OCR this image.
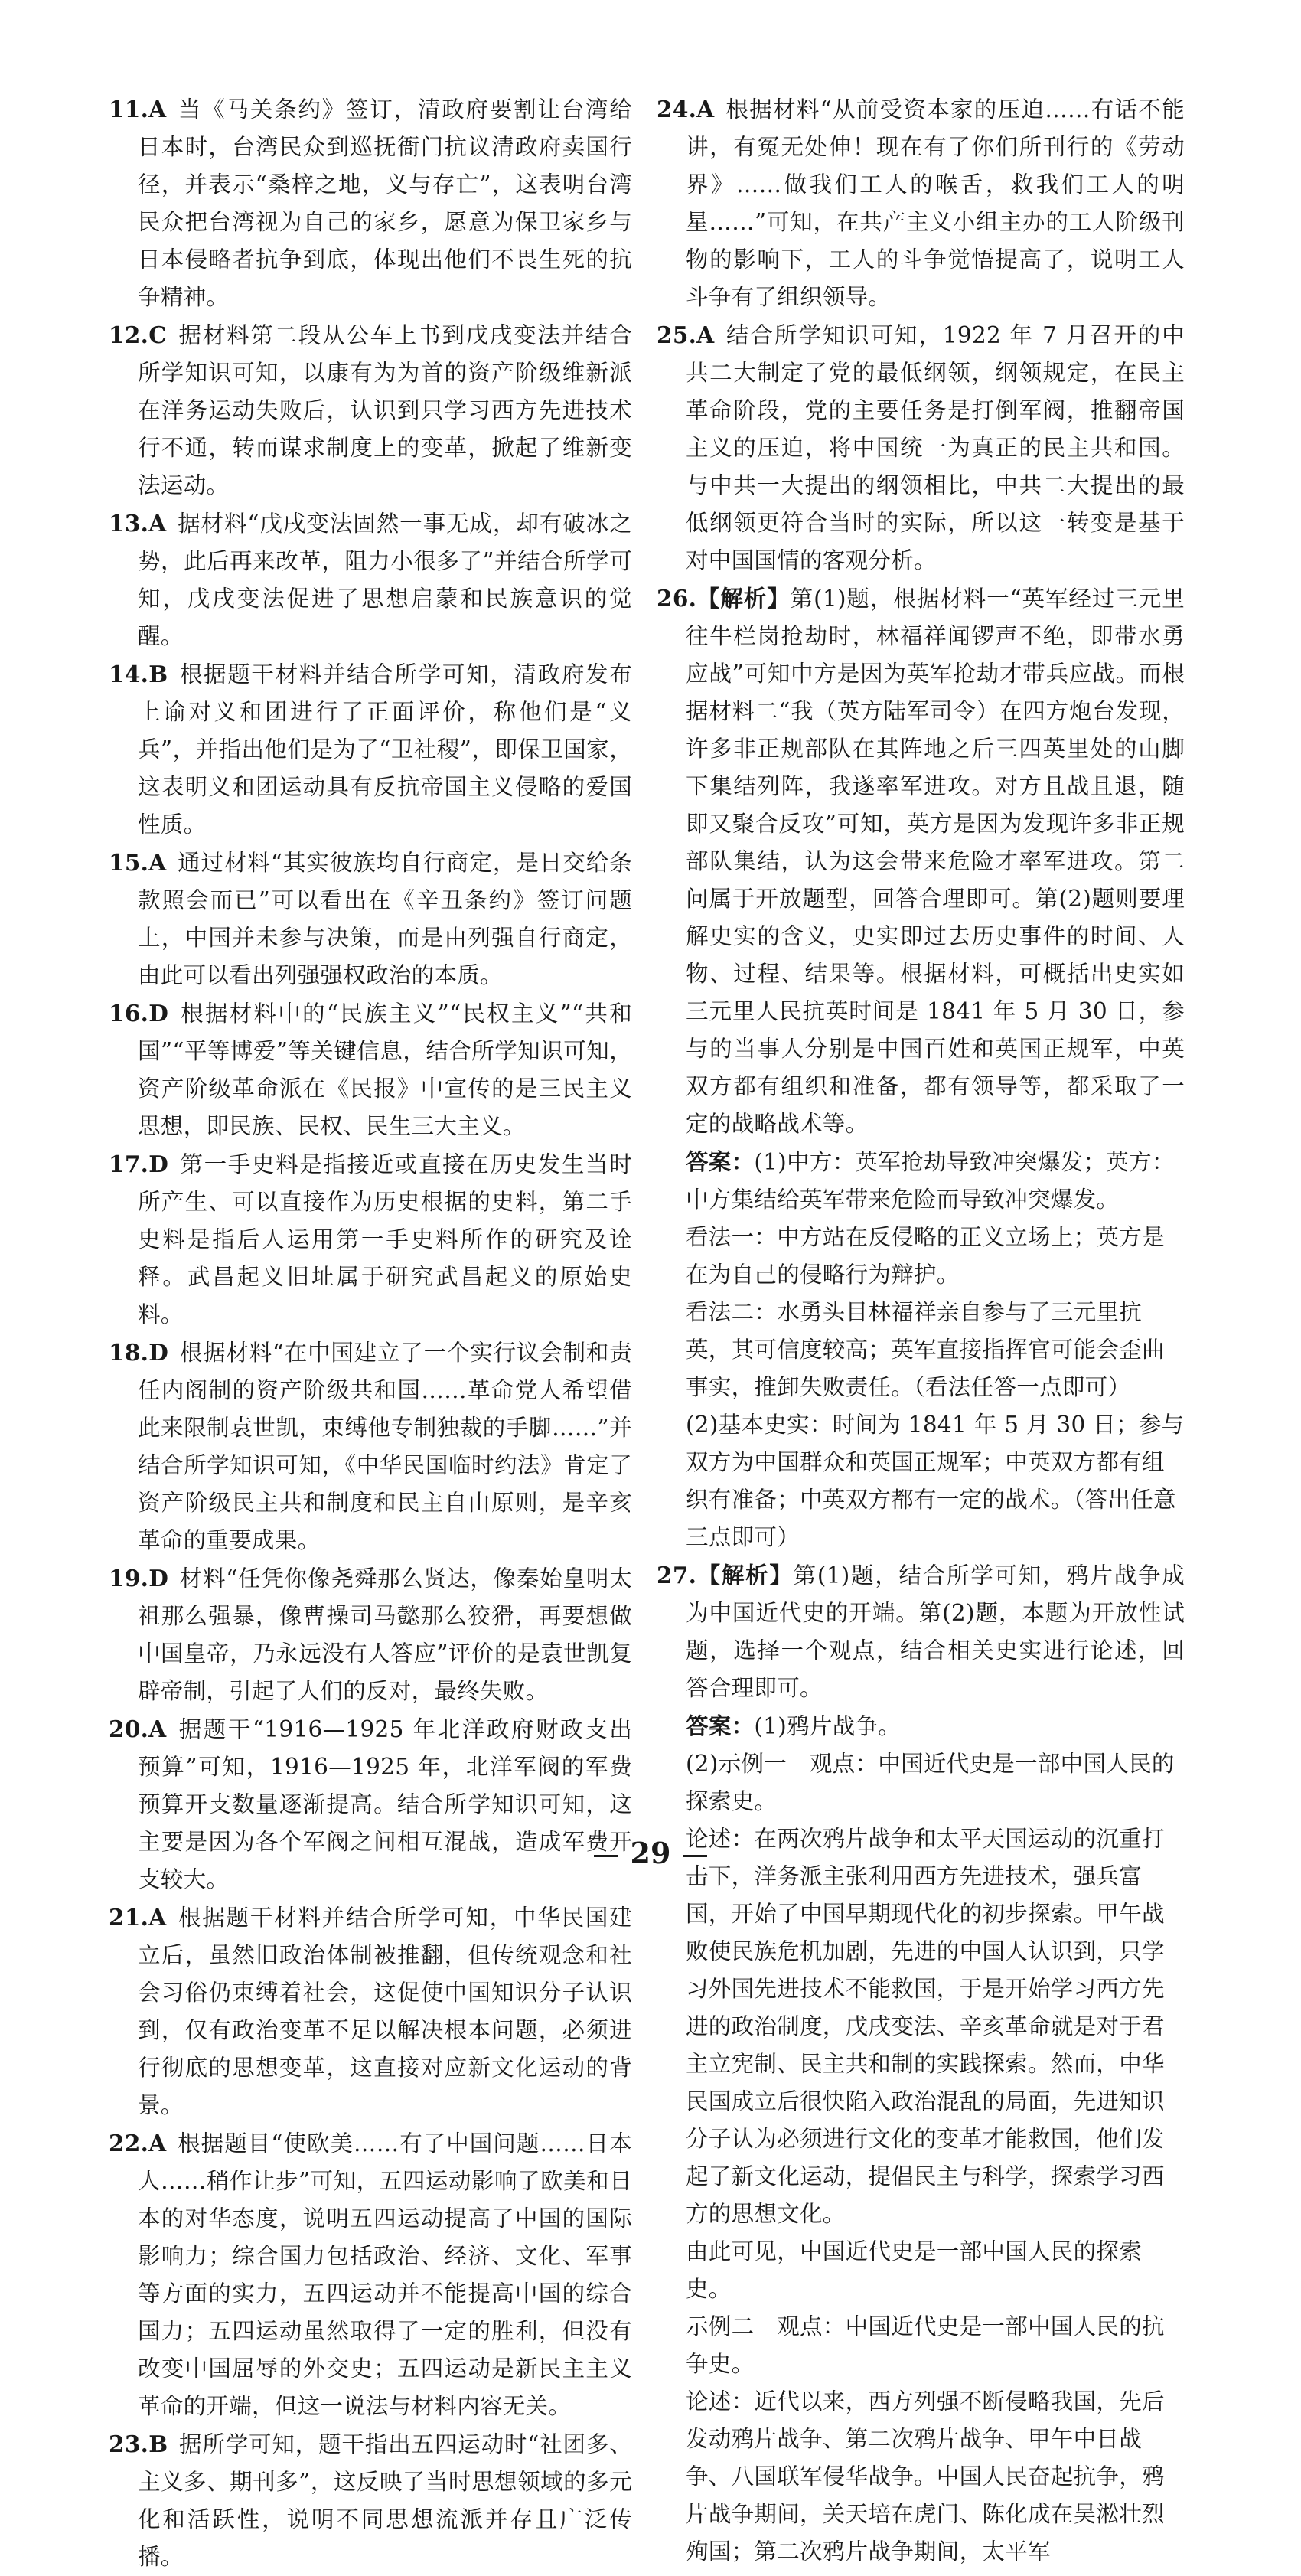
11.A 当《马关条约》签订，清政府要割让台湾给日本时，台湾民众到巡抚衙门抗议清政府卖国行径，并表示“桑梓之地，义与存亡”，这表明台湾民众把台湾视为自己的家乡，愿意为保卫家乡与日本侵略者抗争到底，体现出他们不畏生死的抗争精神。
12.C 据材料第二段从公车上书到戊戌变法并结合所学知识可知，以康有为为首的资产阶级维新派在洋务运动失败后，认识到只学习西方先进技术行不通，转而谋求制度上的变革，掀起了维新变法运动。
13.A 据材料“戊戌变法固然一事无成，却有破冰之势，此后再来改革，阻力小很多了”并结合所学可知，戊戌变法促进了思想启蒙和民族意识的觉醒。
14.B 根据题干材料并结合所学可知，清政府发布上谕对义和团进行了正面评价，称他们是“义兵”，并指出他们是为了“卫社稷”，即保卫国家，这表明义和团运动具有反抗帝国主义侵略的爱国性质。
15.A 通过材料“其实彼族均自行商定，是日交给条款照会而已”可以看出在《辛丑条约》签订问题上，中国并未参与决策，而是由列强自行商定，由此可以看出列强强权政治的本质。
16.D 根据材料中的“民族主义”“民权主义”“共和国”“平等博爱”等关键信息，结合所学知识可知，资产阶级革命派在《民报》中宣传的是三民主义思想，即民族、民权、民生三大主义。
17.D 第一手史料是指接近或直接在历史发生当时所产生、可以直接作为历史根据的史料，第二手史料是指后人运用第一手史料所作的研究及诠释。武昌起义旧址属于研究武昌起义的原始史料。
18.D 根据材料“在中国建立了一个实行议会制和责任内阁制的资产阶级共和国……革命党人希望借此来限制袁世凯，束缚他专制独裁的手脚……”并结合所学知识可知，《中华民国临时约法》肯定了资产阶级民主共和制度和民主自由原则，是辛亥革命的重要成果。
19.D 材料“任凭你像尧舜那么贤达，像秦始皇明太祖那么强暴，像曹操司马懿那么狡猾，再要想做中国皇帝，乃永远没有人答应”评价的是袁世凯复辟帝制，引起了人们的反对，最终失败。
20.A 据题干“1916—1925 年北洋政府财政支出预算”可知，1916—1925 年，北洋军阀的军费预算开支数量逐渐提高。结合所学知识可知，这主要是因为各个军阀之间相互混战，造成军费开支较大。
21.A 根据题干材料并结合所学可知，中华民国建立后，虽然旧政治体制被推翻，但传统观念和社会习俗仍束缚着社会，这促使中国知识分子认识到，仅有政治变革不足以解决根本问题，必须进行彻底的思想变革，这直接对应新文化运动的背景。
22.A 根据题目“使欧美……有了中国问题……日本人……稍作让步”可知，五四运动影响了欧美和日本的对华态度，说明五四运动提高了中国的国际影响力；综合国力包括政治、经济、文化、军事等方面的实力，五四运动并不能提高中国的综合国力；五四运动虽然取得了一定的胜利，但没有改变中国屈辱的外交史；五四运动是新民主主义革命的开端，但这一说法与材料内容无关。
23.B 据所学可知，题干指出五四运动时“社团多、主义多、期刊多”，这反映了当时思想领域的多元化和活跃性，说明不同思想流派并存且广泛传播。
24.A 根据材料“从前受资本家的压迫……有话不能讲，有冤无处伸！现在有了你们所刊行的《劳动界》……做我们工人的喉舌，救我们工人的明星……”可知，在共产主义小组主办的工人阶级刊物的影响下，工人的斗争觉悟提高了，说明工人斗争有了组织领导。
25.A 结合所学知识可知，1922 年 7 月召开的中共二大制定了党的最低纲领，纲领规定，在民主革命阶段，党的主要任务是打倒军阀，推翻帝国主义的压迫，将中国统一为真正的民主共和国。与中共一大提出的纲领相比，中共二大提出的最低纲领更符合当时的实际，所以这一转变是基于对中国国情的客观分析。
26.【解析】第(1)题，根据材料一“英军经过三元里往牛栏岗抢劫时，林福祥闻锣声不绝，即带水勇应战”可知中方是因为英军抢劫才带兵应战。而根据材料二“我（英方陆军司令）在四方炮台发现，许多非正规部队在其阵地之后三四英里处的山脚下集结列阵，我遂率军进攻。对方且战且退，随即又聚合反攻”可知，英方是因为发现许多非正规部队集结，认为这会带来危险才率军进攻。第二问属于开放题型，回答合理即可。第(2)题则要理解史实的含义，史实即过去历史事件的时间、人物、过程、结果等。根据材料，可概括出史实如三元里人民抗英时间是 1841 年 5 月 30 日，参与的当事人分别是中国百姓和英国正规军，中英双方都有组织和准备，都有领导等，都采取了一定的战略战术等。
答案：(1)中方：英军抢劫导致冲突爆发；英方：中方集结给英军带来危险而导致冲突爆发。
看法一：中方站在反侵略的正义立场上；英方是在为自己的侵略行为辩护。
看法二：水勇头目林福祥亲自参与了三元里抗英，其可信度较高；英军直接指挥官可能会歪曲事实，推卸失败责任。（看法任答一点即可）
(2)基本史实：时间为 1841 年 5 月 30 日；参与双方为中国群众和英国正规军；中英双方都有组织有准备；中英双方都有一定的战术。（答出任意三点即可）
27.【解析】第(1)题，结合所学可知，鸦片战争成为中国近代史的开端。第(2)题，本题为开放性试题，选择一个观点，结合相关史实进行论述，回答合理即可。
答案：(1)鸦片战争。
(2)示例一　观点：中国近代史是一部中国人民的探索史。
论述：在两次鸦片战争和太平天国运动的沉重打击下，洋务派主张利用西方先进技术，强兵富国，开始了中国早期现代化的初步探索。甲午战败使民族危机加剧，先进的中国人认识到，只学习外国先进技术不能救国，于是开始学习西方先进的政治制度，戊戌变法、辛亥革命就是对于君主立宪制、民主共和制的实践探索。然而，中华民国成立后很快陷入政治混乱的局面，先进知识分子认为必须进行文化的变革才能救国，他们发起了新文化运动，提倡民主与科学，探索学习西方的思想文化。
由此可见，中国近代史是一部中国人民的探索史。
示例二　观点：中国近代史是一部中国人民的抗争史。
论述：近代以来，西方列强不断侵略我国，先后发动鸦片战争、第二次鸦片战争、甲午中日战争、八国联军侵华战争。中国人民奋起抗争，鸦片战争期间，关天培在虎门、陈化成在吴淞壮烈殉国；第二次鸦片战争期间，太平军
29
